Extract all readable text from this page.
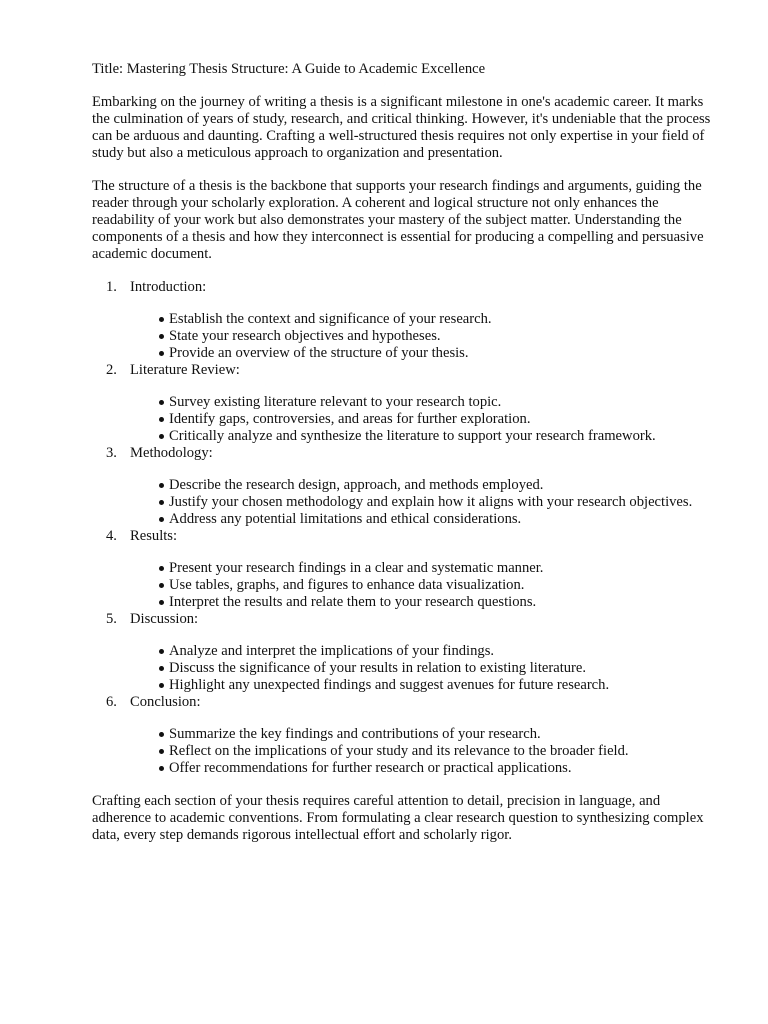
Title: Mastering Thesis Structure: A Guide to Academic Excellence

Embarking on the journey of writing a thesis is a significant milestone in one's academic career. It marks the culmination of years of study, research, and critical thinking. However, it's undeniable that the process can be arduous and daunting. Crafting a well-structured thesis requires not only expertise in your field of study but also a meticulous approach to organization and presentation.

The structure of a thesis is the backbone that supports your research findings and arguments, guiding the reader through your scholarly exploration. A coherent and logical structure not only enhances the readability of your work but also demonstrates your mastery of the subject matter. Understanding the components of a thesis and how they interconnect is essential for producing a compelling and persuasive academic document.

1. Introduction:

Establish the context and significance of your research.
State your research objectives and hypotheses.
Provide an overview of the structure of your thesis.

2. Literature Review:

Survey existing literature relevant to your research topic.
Identify gaps, controversies, and areas for further exploration.
Critically analyze and synthesize the literature to support your research framework.

3. Methodology:

Describe the research design, approach, and methods employed.
Justify your chosen methodology and explain how it aligns with your research objectives.
Address any potential limitations and ethical considerations.

4. Results:

Present your research findings in a clear and systematic manner.
Use tables, graphs, and figures to enhance data visualization.
Interpret the results and relate them to your research questions.

5. Discussion:

Analyze and interpret the implications of your findings.
Discuss the significance of your results in relation to existing literature.
Highlight any unexpected findings and suggest avenues for future research.

6. Conclusion:

Summarize the key findings and contributions of your research.
Reflect on the implications of your study and its relevance to the broader field.
Offer recommendations for further research or practical applications.

Crafting each section of your thesis requires careful attention to detail, precision in language, and adherence to academic conventions. From formulating a clear research question to synthesizing complex data, every step demands rigorous intellectual effort and scholarly rigor.
